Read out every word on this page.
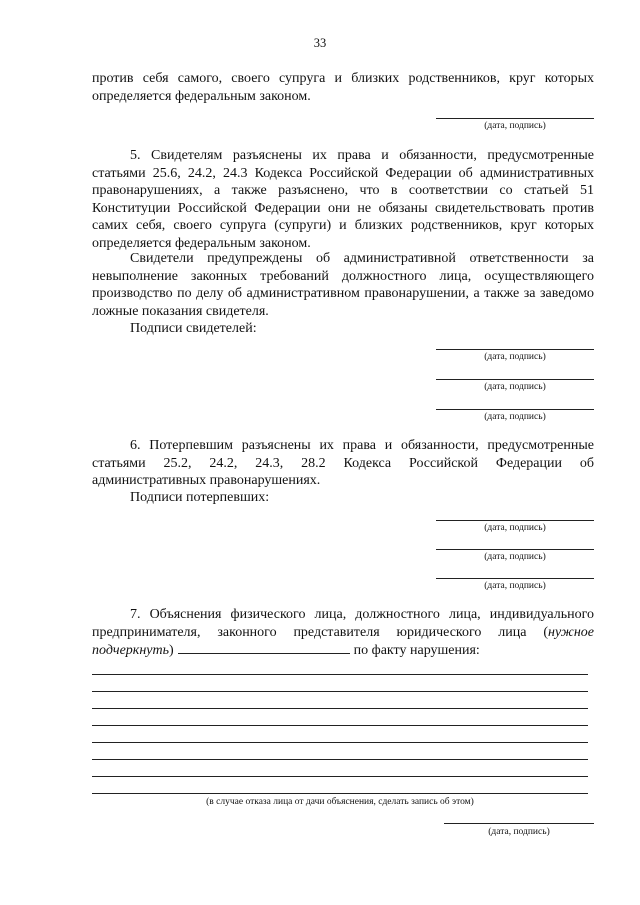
33

против себя самого, своего супруга и близких родственников, круг которых определяется федеральным законом.

(дата, подпись)

5. Свидетелям разъяснены их права и обязанности, предусмотренные статьями 25.6, 24.2, 24.3 Кодекса Российской Федерации об административных правонарушениях, а также разъяснено, что в соответствии со статьей 51 Конституции Российской Федерации они не обязаны свидетельствовать против самих себя, своего супруга (супруги) и близких родственников, круг которых определяется федеральным законом.

Свидетели предупреждены об административной ответственности за невыполнение законных требований должностного лица, осуществляющего производство по делу об административном правонарушении, а также за заведомо ложные показания свидетеля.

Подписи свидетелей:

(дата, подпись)
(дата, подпись)
(дата, подпись)

6. Потерпевшим разъяснены их права и обязанности, предусмотренные статьями 25.2, 24.2, 24.3, 28.2 Кодекса Российской Федерации об административных правонарушениях.

Подписи потерпевших:

(дата, подпись)
(дата, подпись)
(дата, подпись)

7. Объяснения физического лица, должностного лица, индивидуального предпринимателя, законного представителя юридического лица (нужное подчеркнуть)	по факту нарушения:

(в случае отказа лица от дачи объяснения, сделать запись об этом)
(дата, подпись)
